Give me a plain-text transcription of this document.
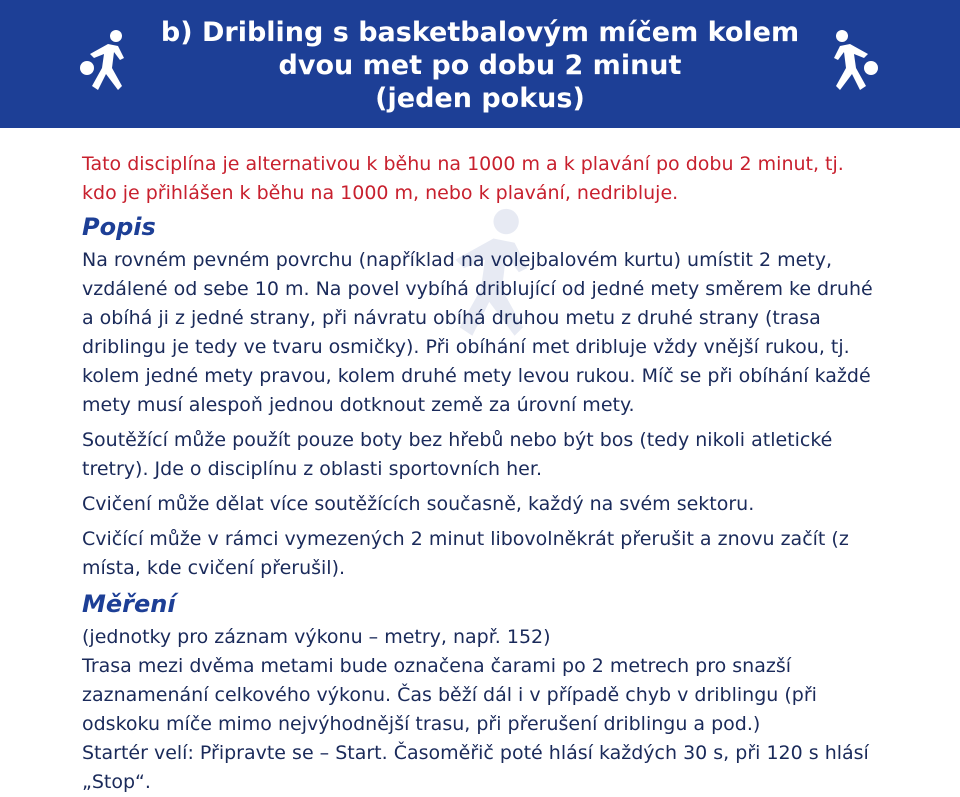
b) Dribling s basketbalovým míčem kolem
dvou met po dobu 2 minut
(jeden pokus)
Tato disciplína je alternativou k běhu na 1000 m a k plavání po dobu 2 minut, tj.
kdo je přihlášen k běhu na 1000 m, nebo k plavání, nedribluje.
Popis

Na rovném pevném povrchu (například na volejbalovém kurtu) umístit 2 mety, vzdálené od sebe 10 m. Na povel vybíhá driblující od jedné mety směrem ke druhé a obíhá ji z jedné strany, při návratu obíhá druhou metu z druhé strany (trasa driblingu je tedy ve tvaru osmičky). Při obíhání met dribluje vždy vnější rukou, tj. kolem jedné mety pravou, kolem druhé mety levou rukou. Míč se při obíhání každé mety musí alespoň jednou dotknout země za úrovní mety.

Soutěžící může použít pouze boty bez hřebů nebo být bos (tedy nikoli atletické tretry). Jde o disciplínu z oblasti sportovních her.

Cvičení může dělat více soutěžících současně, každý na svém sektoru.

Cvičící může v rámci vymezených 2 minut libovolněkrát přerušit a znovu začít (z místa, kde cvičení přerušil).

Měření

(jednotky pro záznam výkonu – metry, např. 152)

Trasa mezi dvěma metami bude označena čarami po 2 metrech pro snazší zaznamenání celkového výkonu. Čas běží dál i v případě chyb v driblingu (při odskoku míče mimo nejvýhodnější trasu, při přerušení driblingu a pod.)

Startér velí: Připravte se – Start. Časoměřič poté hlásí každých 30 s, při 120 s hlásí „Stop“.
